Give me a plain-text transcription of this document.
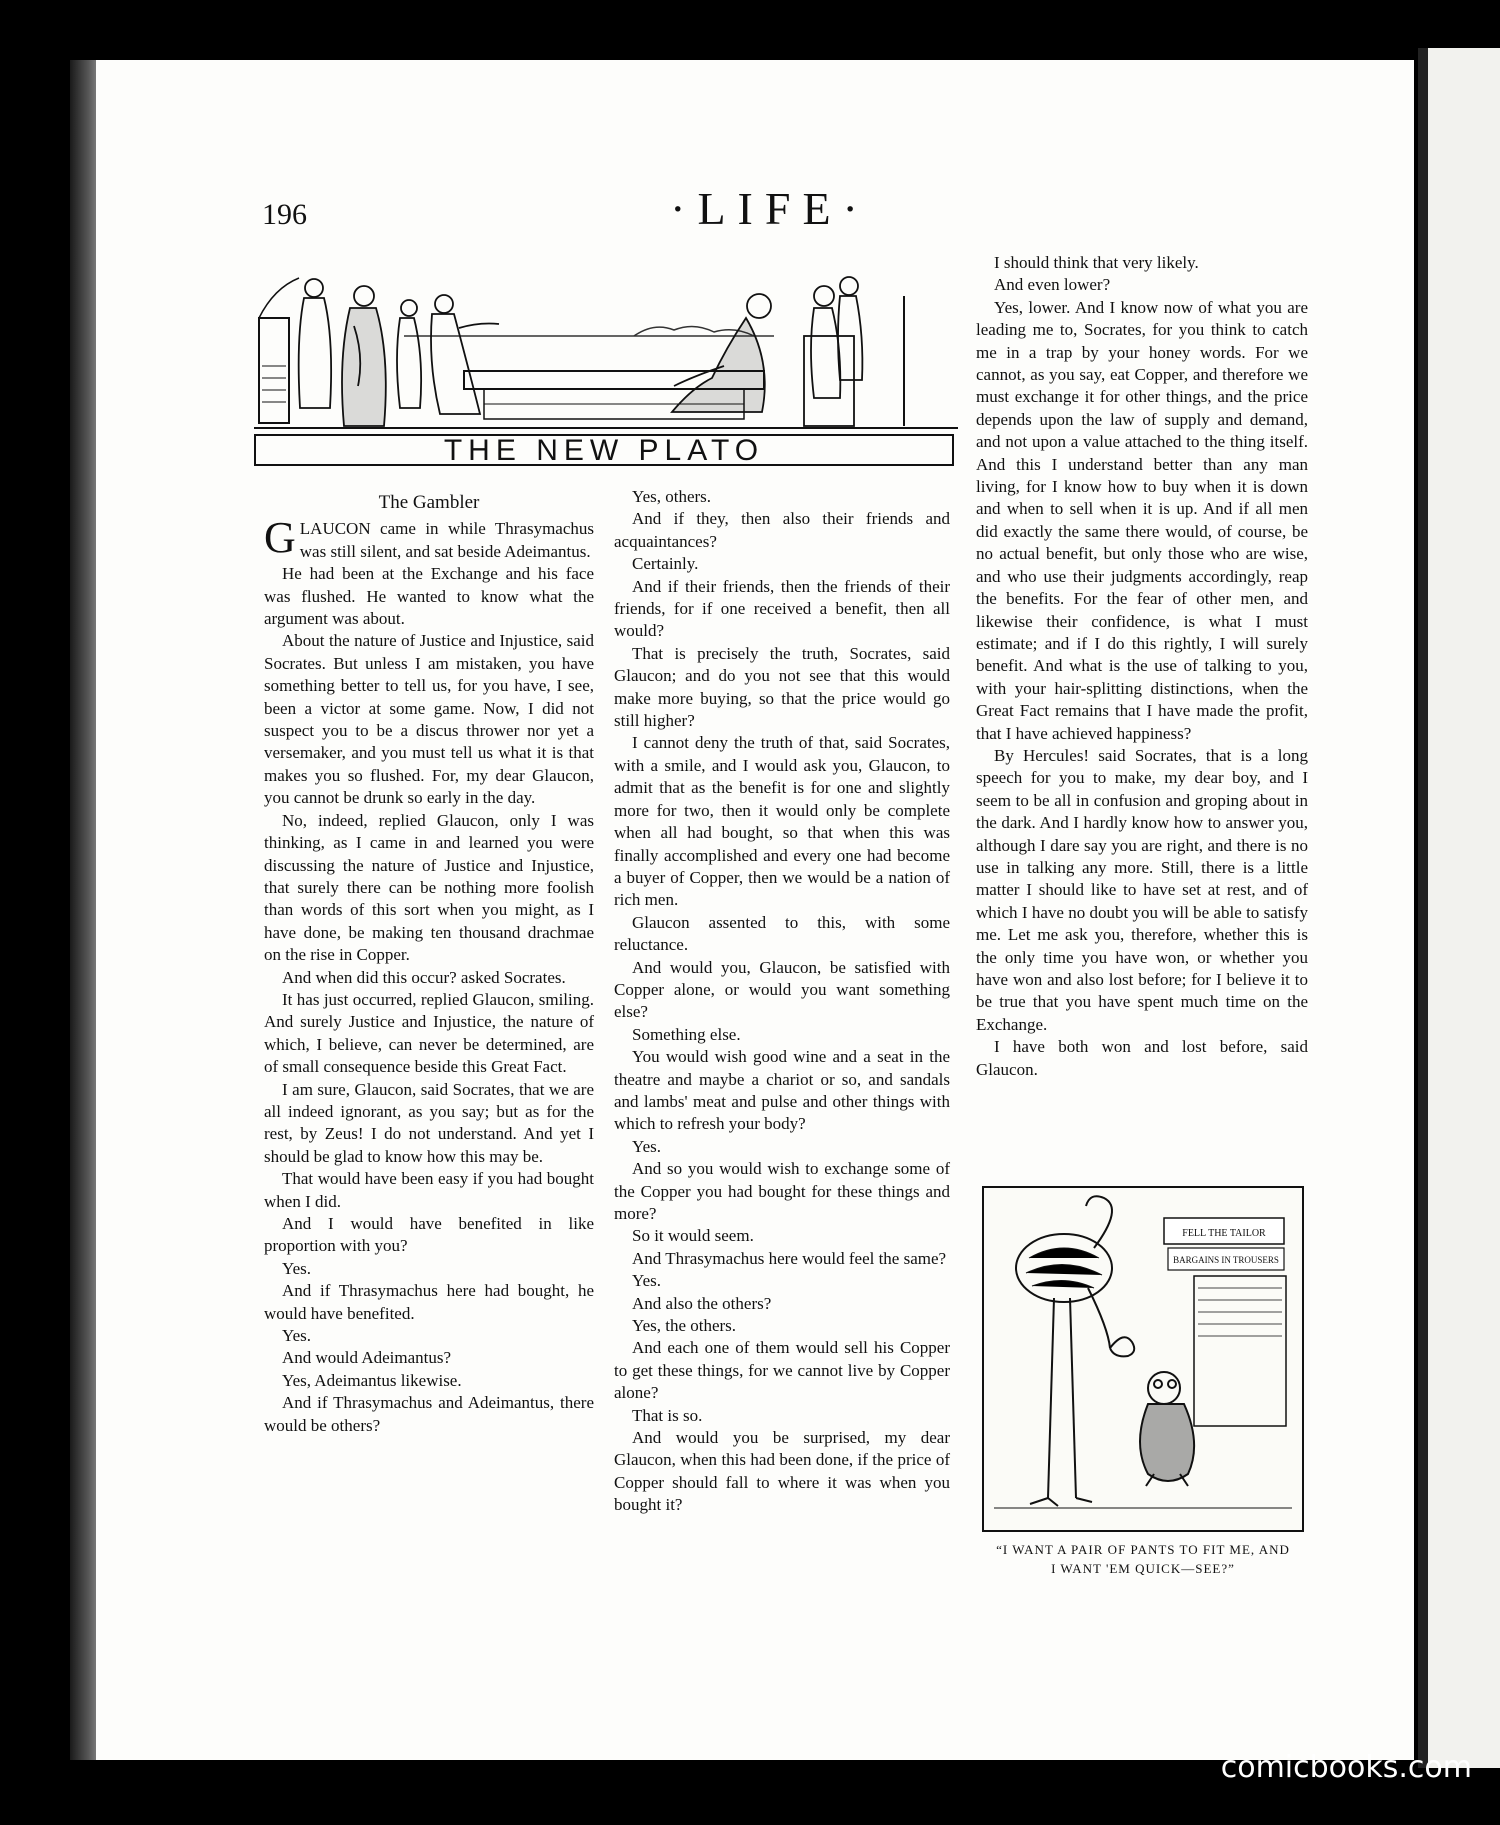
196	·LIFE·
THE NEW PLATO
The Gambler

GLAUCON came in while Thrasymachus was still silent, and sat beside Adeimantus.

He had been at the Exchange and his face was flushed. He wanted to know what the argument was about.

About the nature of Justice and Injustice, said Socrates. But unless I am mistaken, you have something better to tell us, for you have, I see, been a victor at some game. Now, I did not suspect you to be a discus thrower nor yet a versemaker, and you must tell us what it is that makes you so flushed. For, my dear Glaucon, you cannot be drunk so early in the day.

No, indeed, replied Glaucon, only I was thinking, as I came in and learned you were discussing the nature of Justice and Injustice, that surely there can be nothing more foolish than words of this sort when you might, as I have done, be making ten thousand drachmae on the rise in Copper.

And when did this occur? asked Socrates.

It has just occurred, replied Glaucon, smiling. And surely Justice and Injustice, the nature of which, I believe, can never be determined, are of small consequence beside this Great Fact.

I am sure, Glaucon, said Socrates, that we are all indeed ignorant, as you say; but as for the rest, by Zeus! I do not understand. And yet I should be glad to know how this may be.

That would have been easy if you had bought when I did.

And I would have benefited in like proportion with you?

Yes.

And if Thrasymachus here had bought, he would have benefited.

Yes.

And would Adeimantus?

Yes, Adeimantus likewise.

And if Thrasymachus and Adeimantus, there would be others?

Yes, others.

And if they, then also their friends and acquaintances?

Certainly.

And if their friends, then the friends of their friends, for if one received a benefit, then all would?

That is precisely the truth, Socrates, said Glaucon; and do you not see that this would make more buying, so that the price would go still higher?

I cannot deny the truth of that, said Socrates, with a smile, and I would ask you, Glaucon, to admit that as the benefit is for one and slightly more for two, then it would only be complete when all had bought, so that when this was finally accomplished and every one had become a buyer of Copper, then we would be a nation of rich men.

Glaucon assented to this, with some reluctance.

And would you, Glaucon, be satisfied with Copper alone, or would you want something else?

Something else.

You would wish good wine and a seat in the theatre and maybe a chariot or so, and sandals and lambs' meat and pulse and other things with which to refresh your body?

Yes.

And so you would wish to exchange some of the Copper you had bought for these things and more?

So it would seem.

And Thrasymachus here would feel the same?

Yes.

And also the others?

Yes, the others.

And each one of them would sell his Copper to get these things, for we cannot live by Copper alone?

That is so.

And would you be surprised, my dear Glaucon, when this had been done, if the price of Copper should fall to where it was when you bought it?

I should think that very likely.

And even lower?

Yes, lower. And I know now of what you are leading me to, Socrates, for you think to catch me in a trap by your honey words. For we cannot, as you say, eat Copper, and therefore we must exchange it for other things, and the price depends upon the law of supply and demand, and not upon a value attached to the thing itself. And this I understand better than any man living, for I know how to buy when it is down and when to sell when it is up. And if all men did exactly the same there would, of course, be no actual benefit, but only those who are wise, and who use their judgments accordingly, reap the benefits. For the fear of other men, and likewise their confidence, is what I must estimate; and if I do this rightly, I will surely benefit. And what is the use of talking to you, with your hair-splitting distinctions, when the Great Fact remains that I have made the profit, that I have achieved happiness?

By Hercules! said Socrates, that is a long speech for you to make, my dear boy, and I seem to be all in confusion and groping about in the dark. And I hardly know how to answer you, although I dare say you are right, and there is no use in talking any more. Still, there is a little matter I should like to have set at rest, and of which I have no doubt you will be able to satisfy me. Let me ask you, therefore, whether this is the only time you have won, or whether you have won and also lost before; for I believe it to be true that you have spent much time on the Exchange.

I have both won and lost before, said Glaucon.

FELL THE TAILOR
BARGAINS IN TROUSERS
“I WANT A PAIR OF PANTS TO FIT ME, AND
I WANT 'EM QUICK—SEE?”
comicbooks.com
